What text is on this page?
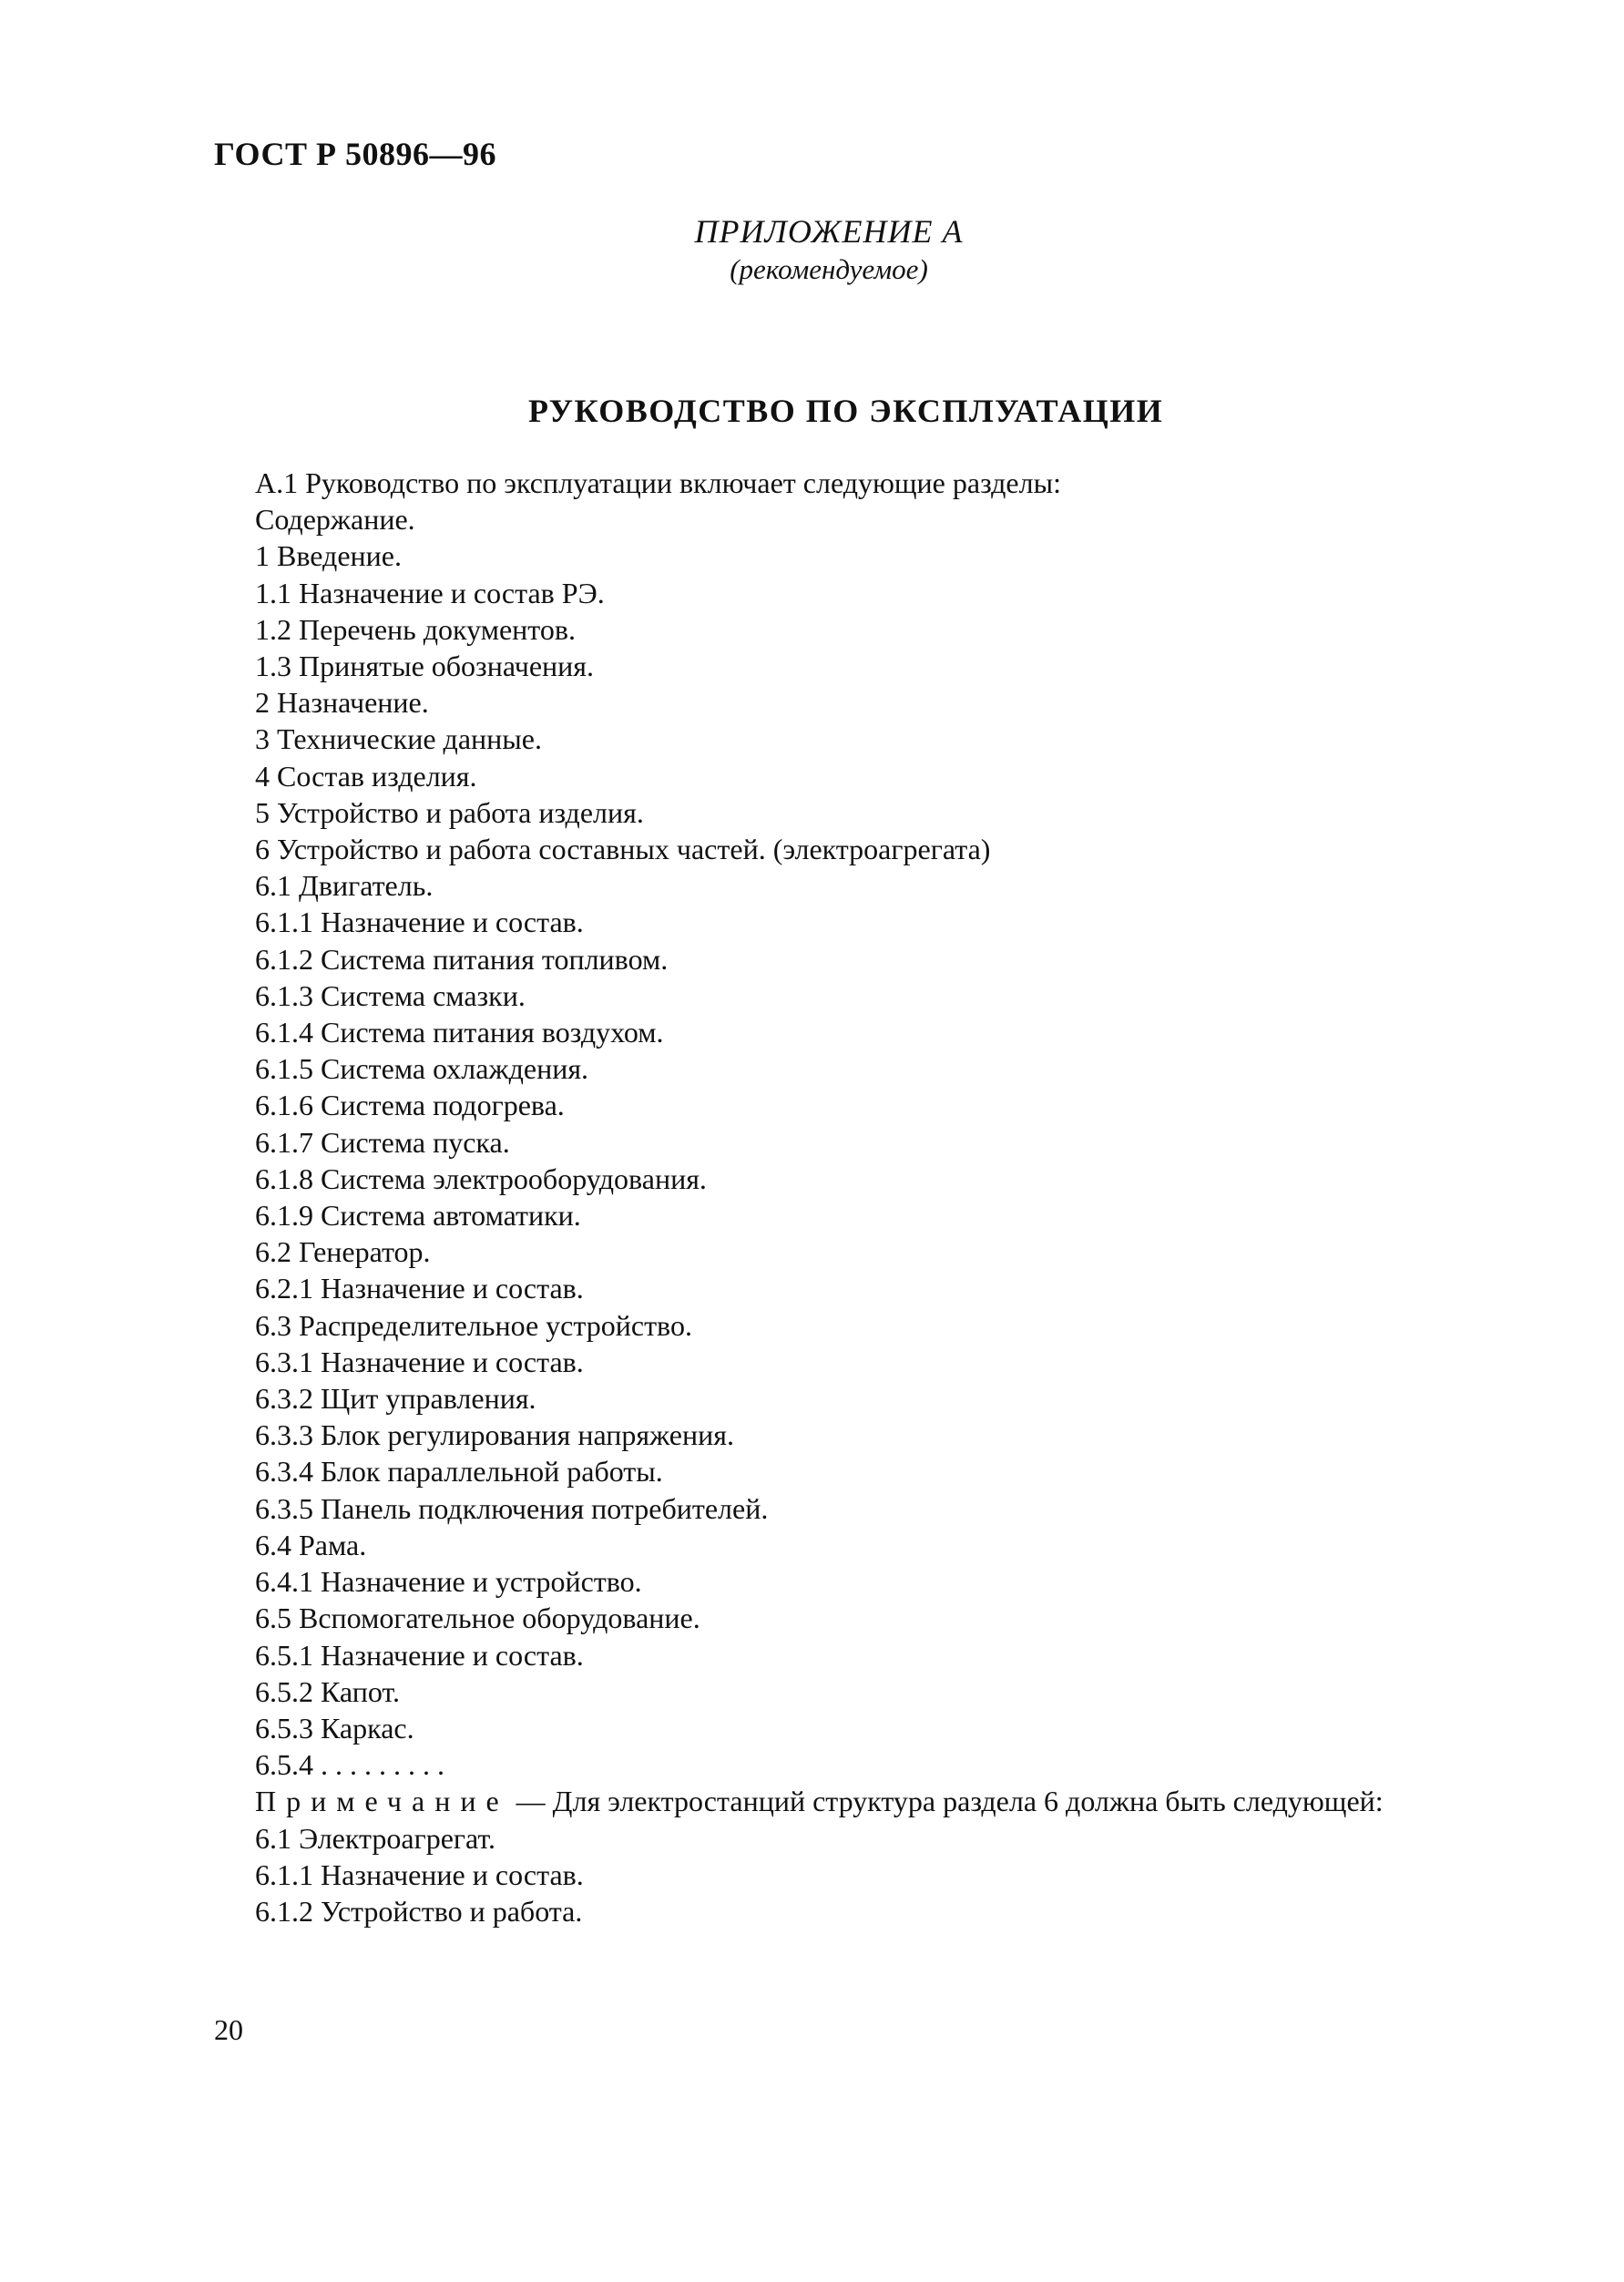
ГОСТ Р 50896—96
ПРИЛОЖЕНИЕ А
(рекомендуемое)
РУКОВОДСТВО ПО ЭКСПЛУАТАЦИИ
А.1 Руководство по эксплуатации включает следующие разделы:
Содержание.
1 Введение.
1.1 Назначение и состав РЭ.
1.2 Перечень документов.
1.3 Принятые обозначения.
2 Назначение.
3 Технические данные.
4 Состав изделия.
5 Устройство и работа изделия.
6 Устройство и работа составных частей. (электроагрегата)
6.1 Двигатель.
6.1.1 Назначение и состав.
6.1.2 Система питания топливом.
6.1.3 Система смазки.
6.1.4 Система питания воздухом.
6.1.5 Система охлаждения.
6.1.6 Система подогрева.
6.1.7 Система пуска.
6.1.8 Система электрооборудования.
6.1.9 Система автоматики.
6.2 Генератор.
6.2.1 Назначение и состав.
6.3 Распределительное устройство.
6.3.1 Назначение и состав.
6.3.2 Щит управления.
6.3.3 Блок регулирования напряжения.
6.3.4 Блок параллельной работы.
6.3.5 Панель подключения потребителей.
6.4 Рама.
6.4.1 Назначение и устройство.
6.5 Вспомогательное оборудование.
6.5.1 Назначение и состав.
6.5.2 Капот.
6.5.3 Каркас.
6.5.4 . . . . . . . . .
Примечание — Для электростанций структура раздела 6 должна быть следующей:
6.1 Электроагрегат.
6.1.1 Назначение и состав.
6.1.2 Устройство и работа.
20
